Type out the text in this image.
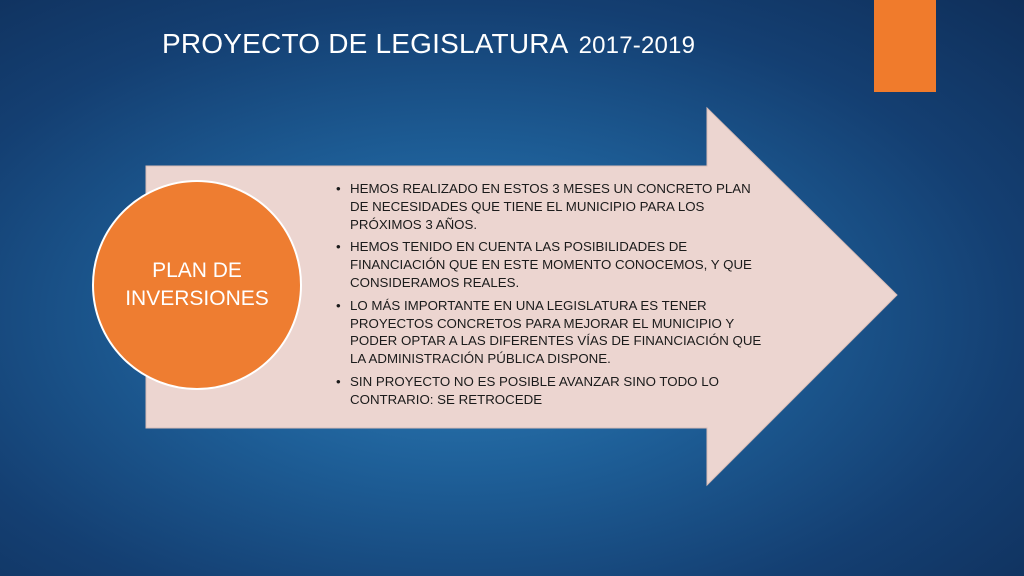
PROYECTO DE LEGISLATURA 2017-2019
PLAN DE INVERSIONES
• HEMOS REALIZADO EN ESTOS 3 MESES UN CONCRETO PLAN DE NECESIDADES QUE TIENE EL MUNICIPIO PARA LOS PRÓXIMOS 3 AÑOS.
• HEMOS TENIDO EN CUENTA LAS POSIBILIDADES DE FINANCIACIÓN QUE EN ESTE MOMENTO CONOCEMOS, Y QUE CONSIDERAMOS REALES.
• LO MÁS IMPORTANTE EN UNA LEGISLATURA ES TENER PROYECTOS CONCRETOS PARA MEJORAR EL MUNICIPIO Y PODER OPTAR A LAS DIFERENTES VÍAS DE FINANCIACIÓN QUE LA ADMINISTRACIÓN PÚBLICA DISPONE.
• SIN PROYECTO NO ES POSIBLE AVANZAR SINO TODO LO CONTRARIO: SE RETROCEDE
